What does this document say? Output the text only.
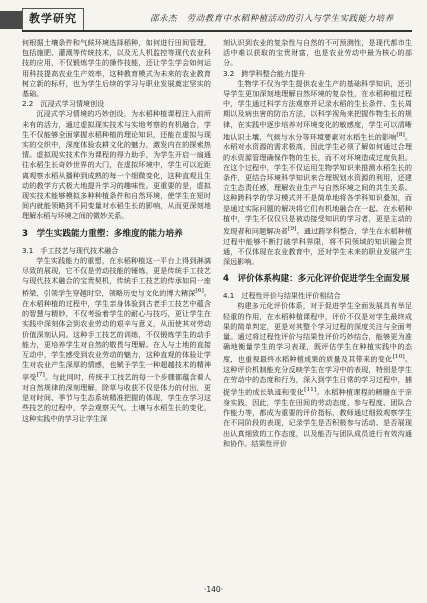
教学研究	邵永杰 劳动教育中水稻种植活动的引入与学生实践能力培养

何根据土壤条件和气候环境选择稻种，如何进行田间管理，包括施肥、灌溉等传统技术，以及无人机监控等现代农业科技的应用，不仅锻炼学生的操作技能，还让学生学会如何运用科技提高农业生产效率，这种教育模式为未来的农业教育树立新的标杆，也为学生后续的学习与职业发展奠定坚实的基础。

2.2　沉浸式学习情境创设

沉浸式学习情境的巧妙创设，为水稻种植课程注入前所未有的活力，通过虚拟现实技术与实地考察的有机融合，学生不仅能够全面掌握水稻种植的理论知识，还能在虚拟与现实的交织中，深度体验农耕文化的魅力，激发内在的探索热情。虚拟现实技术作为课程的得力助手，为学生开启一扇通往水稻生长奇妙世界的大门，在虚拟环境中，学生可以近距离观察水稻从播种到成熟的每一个细微变化，这种直观且生动的教学方式极大地提升学习的趣味性。更重要的是，虚拟现实技术能够模拟多种种植条件和自然环境，使学生在短时间内就能领略到不同变量对水稻生长的影响，从而更深刻地理解水稻与环境之间的微妙关系。

3　学生实践能力重塑：多维度的能力培养
3.1　手工技艺与现代技术融合

学生实践能力的重塑，在水稻种植这一平台上得到淋漓尽致的展现，它不仅是劳动技能的锤炼，更是传统手工技艺与现代技术融合的宝贵契机，传统手工技艺的传承如同一座桥梁，引领学生穿越时空，领略历史与文化的博大精深[6]。在水稻种植的过程中，学生亲身体验到古老手工技艺中蕴含的智慧与精妙，不仅考验着学生的耐心与技巧，更让学生在实践中深刻体会到农业劳动的艰辛与意义，从而使其对劳动价值深刻认同。这种手工技艺的训练，不仅锻炼学生的动手能力，更培养学生对自然的敬畏与理解。在人与土地的直接互动中，学生感受到农业劳动的魅力，这种直观的体验让学生对农业产生深厚的情感，也赋予学生一种超越技术的精神享受[7]。与此同时，传统手工技艺的每一个步骤都蕴含着人对自然规律的深刻理解，除草与收获不仅是体力的付出，更是对时间、季节与生态系统精准把握的体现，学生在学习这些技艺的过程中，学会观察天气、土壤与水稻生长的变化，这种实践中的学习让学生深

刻认识到农业的复杂性与自然的不可预测性，是现代都市生活中难以获取的宝贵财富，也是农业劳动中最为核心的部分。

3.2　跨学科整合能力提升

生物学不仅为学生提供农业生产的基础科学知识，还引导学生更加深刻地理解自然环境的复杂性，在水稻种植过程中，学生通过科学方法观察并记录水稻的生长条件、生长周期以及病虫害的防治方法，以科学视角来把握作物生长的规律，在实践中逐步培养对环境变化的敏感度，学生可以清晰地认识土壤、气候与水分等环境要素对水稻生长的影响[8]。水稻对水资源的需求极高，因此学生必须了解如何通过合理的水资源管理确保作物的生长，而不对环境造成过度负担。在这个过程中，学生不仅运用生物学知识来推测水稻生长的条件，更结合环境科学知识来合理规划水资源的利用，还建立生态责任感，理解农业生产与自然环境之间的共生关系。这种跨科学的学习模式并不是简单地将各学科知识叠加，而是通过实际问题的解决将它们有机地融合在一起。在水稻种植中，学生不仅仅只是被动接受知识的学习者，更是主动的发现者和问题解决者[9]。通过跨学科整合，学生在水稻种植过程中能够不断打破学科界限，将不同领域的知识融会贯通，不仅体现在农业教育中，还对学生未来的职业发展产生深远影响。

4　评价体系构建：多元化评价促进学生全面发展
4.1　过程性评价与结果性评价相结合

构建多元化评价体系，对于促进学生全面发展具有举足轻重的作用，在水稻种植课程中，评价不仅是对学生最终成果的简单判定，更是对其整个学习过程的深度关注与全面考量。通过将过程性评价与结果性评价巧妙结合，能够更为准确地衡量学生的学习表现，既评估学生在种植实践中的态度，也重视最终水稻种植成果的质量及其带来的变化[10]。这种评价机制能充分反映学生在学习中的表现，特别是学生在劳动中的态度和行为，深入到学生日常的学习过程中，捕捉学生的成长轨迹和变化[11]。水稻种植课程的精髓在于亲身实践，因此，学生在田间的劳动态度、参与程度、团队合作能力等，都成为重要的评价指标，教师通过细致观察学生在不同阶段的表现，记录学生是否积极参与活动、是否展现出认真细致的工作态度，以及能否与团队成员进行有效沟通和协作。结果性评价

·140·
